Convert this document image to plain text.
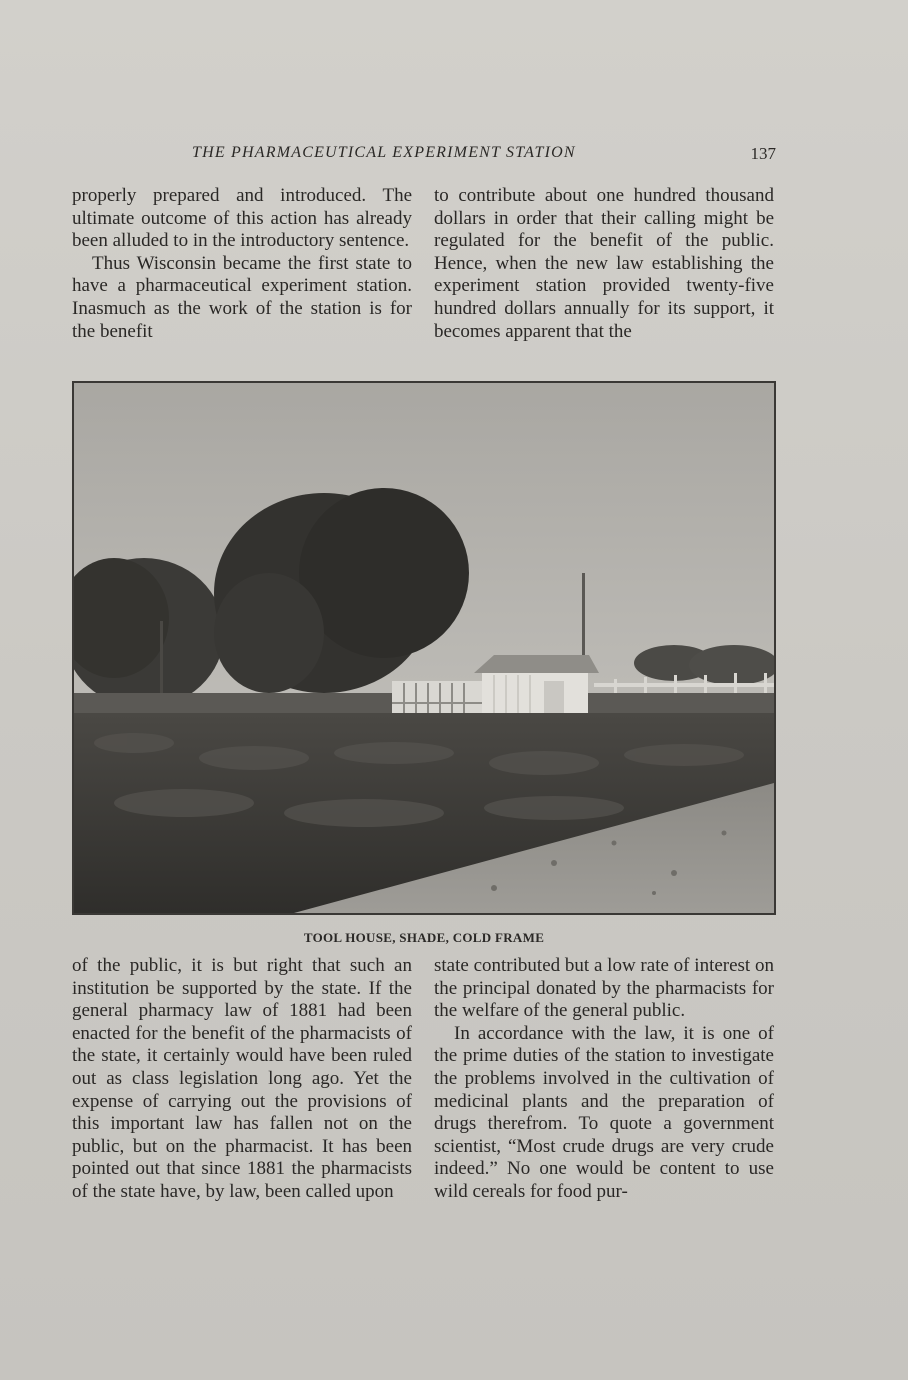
THE PHARMACEUTICAL EXPERIMENT STATION	137

properly prepared and introduced. The ultimate outcome of this action has already been alluded to in the introductory sentence.

Thus Wisconsin became the first state to have a pharmaceutical experiment station. Inasmuch as the work of the station is for the benefit

to contribute about one hundred thousand dollars in order that their calling might be regulated for the benefit of the public. Hence, when the new law establishing the experiment station provided twenty-five hundred dollars annually for its support, it becomes apparent that the

TOOL HOUSE, SHADE, COLD FRAME

of the public, it is but right that such an institution be supported by the state. If the general pharmacy law of 1881 had been enacted for the benefit of the pharmacists of the state, it certainly would have been ruled out as class legislation long ago. Yet the expense of carrying out the provisions of this important law has fallen not on the public, but on the pharmacist. It has been pointed out that since 1881 the pharmacists of the state have, by law, been called upon

state contributed but a low rate of interest on the principal donated by the pharmacists for the welfare of the general public.

In accordance with the law, it is one of the prime duties of the station to investigate the problems involved in the cultivation of medicinal plants and the preparation of drugs therefrom. To quote a government scientist, “Most crude drugs are very crude indeed.” No one would be content to use wild cereals for food pur-
